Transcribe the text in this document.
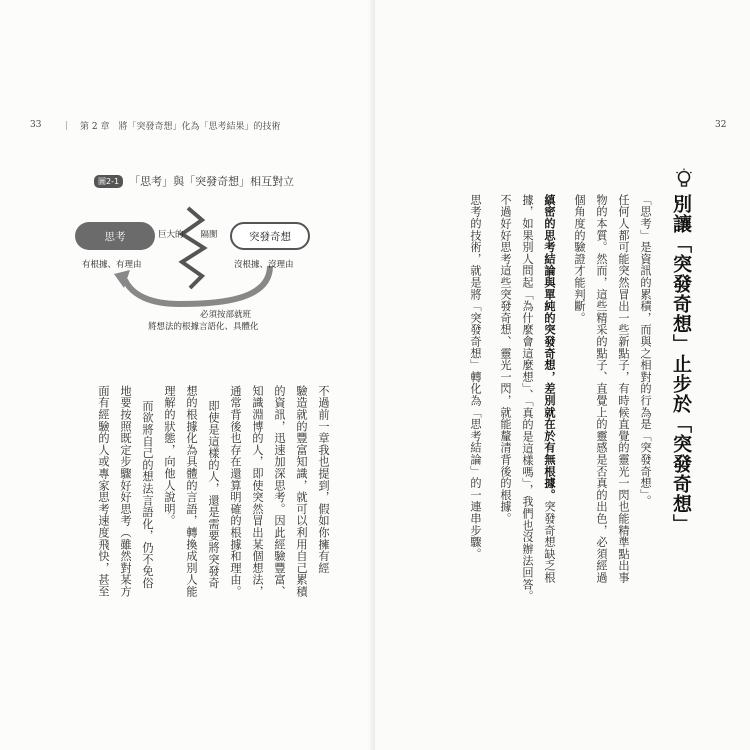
33 ｜　第 2 章　將「突發奇想」化為「思考結果」的技術
圖2-1 「思考」與「突發奇想」相互對立
思考	突發奇想
巨大的　　隔閡
有根據、有理由	沒根據、沒理由
必須按部就班
將想法的根據言語化、具體化
不過前一章我也提到，假如你擁有經
驗造就的豐富知識，就可以利用自己累積
的資訊，迅速加深思考。因此經驗豐富、
知識淵博的人，即使突然冒出某個想法，
通常背後也存在還算明確的根據和理由。
即使是這樣的人，還是需要將突發奇
想的根據化為具體的言語，轉換成別人能
理解的狀態，向他人說明。
而欲將自己的想法言語化，仍不免俗
地要按照既定步驟好好思考（雖然對某方
面有經驗的人或專家思考速度飛快，甚至
32
別讓「突發奇想」止步於「突發奇想」
「思考」是資訊的累積，而與之相對的行為是「突發奇想」。
任何人都可能突然冒出一些新點子，有時候直覺的靈光一閃也能精準點出事
物的本質。然而，這些精采的點子、直覺上的靈感是否真的出色，必須經過
個角度的驗證才能判斷。
縝密的思考結論與單純的突發奇想，差別就在於有無根據。突發奇想缺乏根
據，如果別人問起「為什麼會這麼想」、「真的是這樣嗎」，我們也沒辦法回答。
不過好好思考這些突發奇想、靈光一閃，就能釐清背後的根據。
思考的技術，就是將「突發奇想」轉化為「思考結論」的一連串步驟。
